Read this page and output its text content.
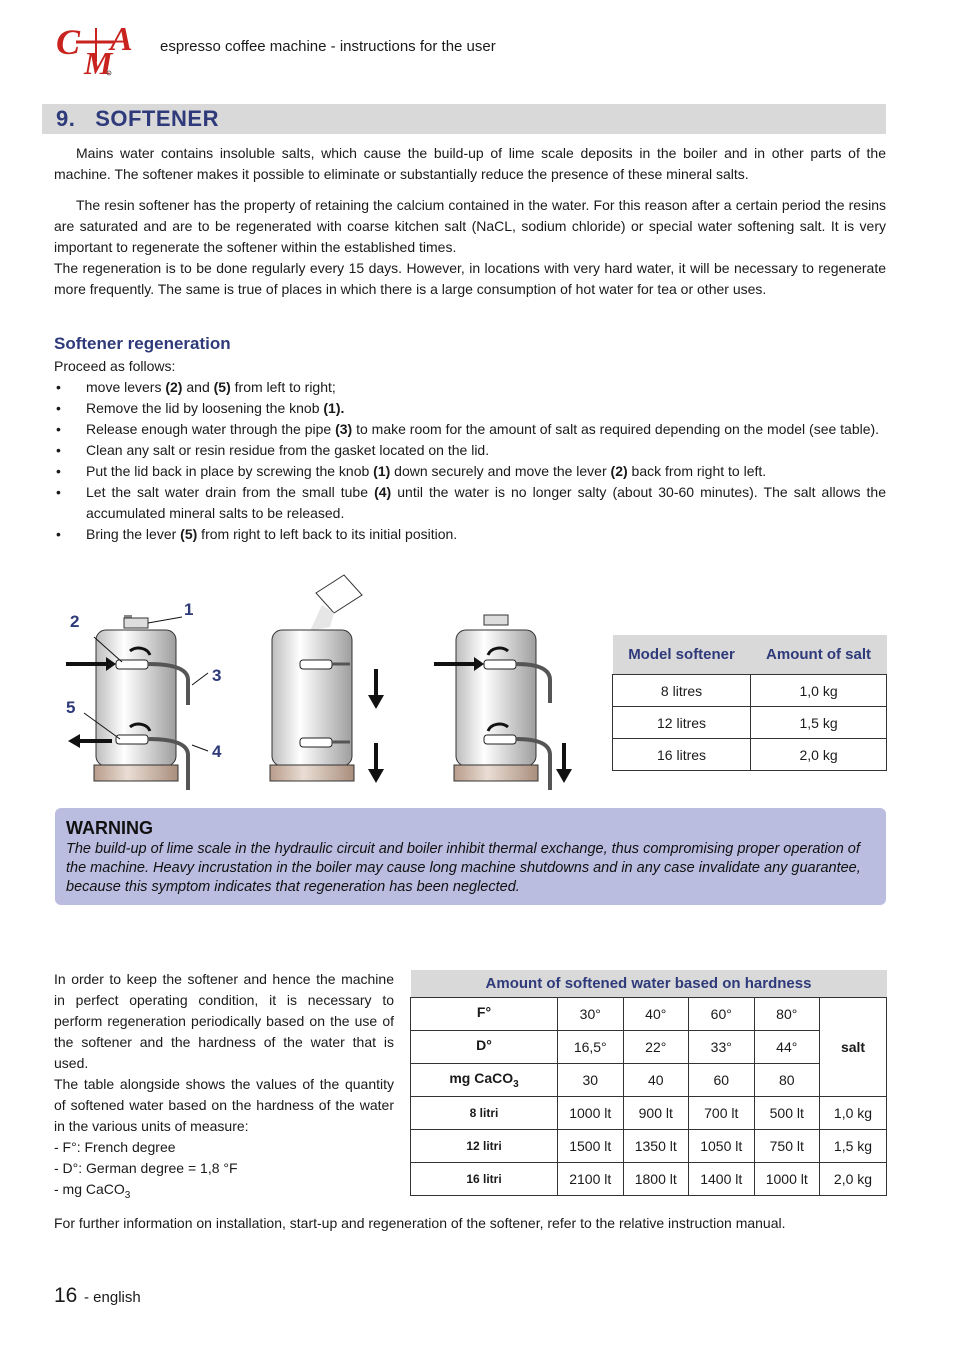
C A
M	espresso coffee machine - instructions for the user
9. SOFTENER
Mains water contains insoluble salts, which cause the build-up of lime scale deposits in the boiler and in other parts of the machine. The softener makes it possible to eliminate or substantially reduce the presence of these mineral salts.
The resin softener has the property of retaining the calcium contained in the water. For this reason after a certain period the resins are saturated and are to be regenerated with coarse kitchen salt (NaCL, sodium chloride) or special water softening salt. It is very important to regenerate the softener within the established times.
The regeneration is to be done regularly every 15 days. However, in locations with very hard water, it will be necessary to regenerate more frequently. The same is true of places in which there is a large consumption of hot water for tea or other uses.
Softener regeneration
Proceed as follows:
• move levers (2) and (5) from left to right;
• Remove the lid by loosening the knob (1).
• Release enough water through the pipe (3) to make room for the amount of salt as required depending on the model (see table).
• Clean any salt or resin residue from the gasket located on the lid.
• Put the lid back in place by screwing the knob (1) down securely and move the lever (2) back from right to left.
• Let the salt water drain from the small tube (4) until the water is no longer salty (about 30-60 minutes). The salt allows the accumulated mineral salts to be released.
• Bring the lever (5) from right to left back to its initial position.
2
1
3
5
4
Model softener	Amount of salt
8 litres	1,0 kg
12 litres	1,5 kg
16 litres	2,0 kg
WARNING
The build-up of lime scale in the hydraulic circuit and boiler inhibit thermal exchange, thus compromising proper operation of the machine. Heavy incrustation in the boiler may cause long machine shutdowns and in any case invalidate any guarantee, because this symptom indicates that regeneration has been neglected.
In order to keep the softener and hence the machine in perfect operating condition, it is necessary to perform regeneration periodically based on the use of the softener and the hardness of the water that is used.
The table alongside shows the values of the quantity of softened water based on the hardness of the water in the various units of measure:
- F°: French degree
- D°: German degree = 1,8 °F
- mg CaCO$_3$
Amount of softened water based on hardness					
F°	30°	40°	60°	80°	salt
D°	16,5°	22°	33°	44°	
mg CaCO$_3$	30	40	60	80	
8 litri	1000 lt	900 lt	700 lt	500 lt	1,0 kg
12 litri	1500 lt	1350 lt	1050 lt	750 lt	1,5 kg
16 litri	2100 lt	1800 lt	1400 lt	1000 lt	2,0 kg
For further information on installation, start-up and regeneration of the softener, refer to the relative instruction manual.
16 - english
